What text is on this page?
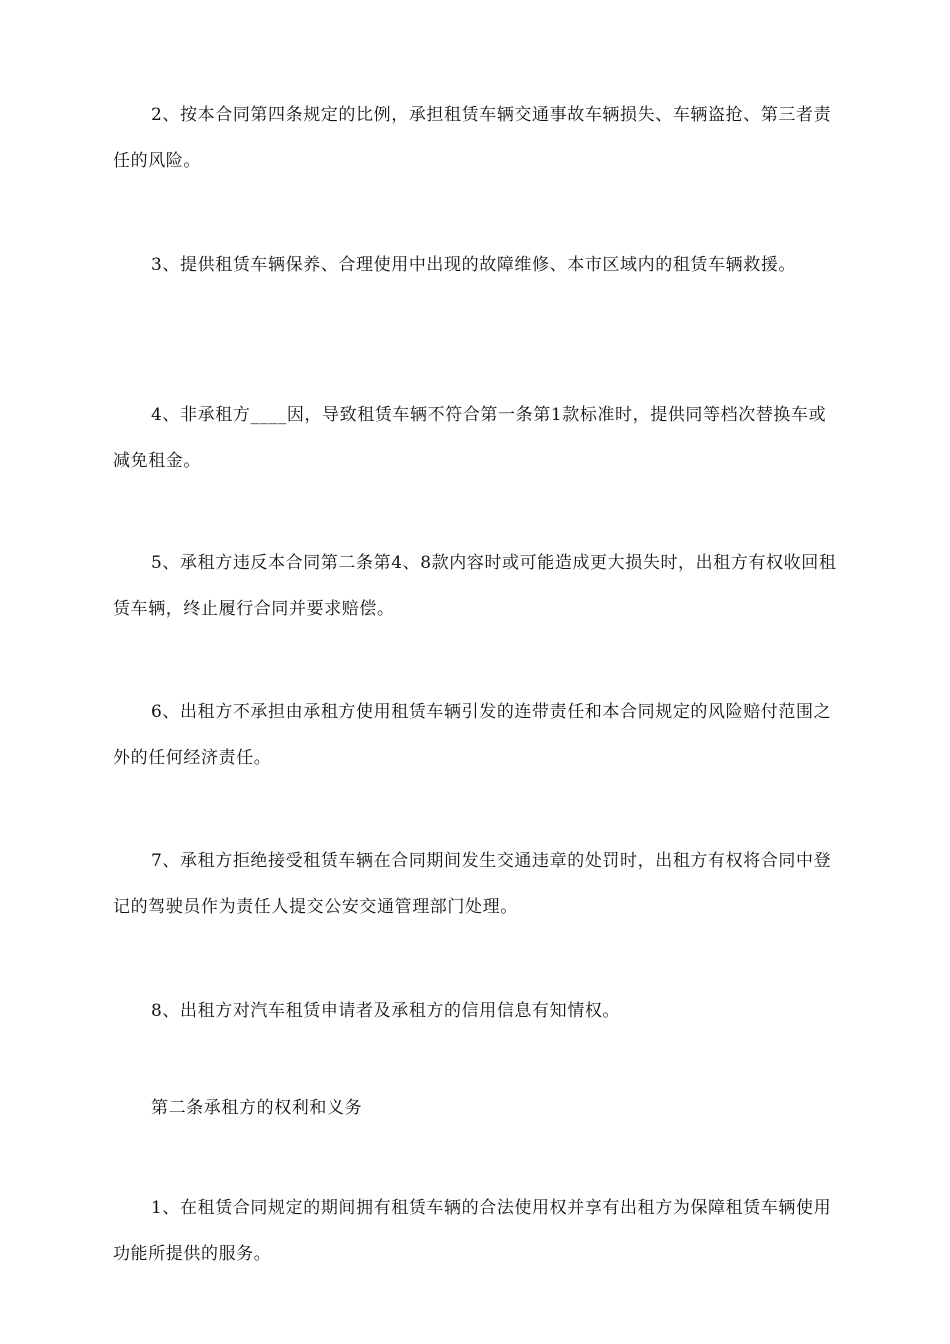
2、按本合同第四条规定的比例，承担租赁车辆交通事故车辆损失、车辆盗抢、第三者责任的风险。

3、提供租赁车辆保养、合理使用中出现的故障维修、本市区域内的租赁车辆救援。

4、非承租方____因，导致租赁车辆不符合第一条第1款标准时，提供同等档次替换车或减免租金。

5、承租方违反本合同第二条第4、8款内容时或可能造成更大损失时，出租方有权收回租赁车辆，终止履行合同并要求赔偿。

6、出租方不承担由承租方使用租赁车辆引发的连带责任和本合同规定的风险赔付范围之外的任何经济责任。

7、承租方拒绝接受租赁车辆在合同期间发生交通违章的处罚时，出租方有权将合同中登记的驾驶员作为责任人提交公安交通管理部门处理。

8、出租方对汽车租赁申请者及承租方的信用信息有知情权。

第二条承租方的权利和义务

1、在租赁合同规定的期间拥有租赁车辆的合法使用权并享有出租方为保障租赁车辆使用功能所提供的服务。
